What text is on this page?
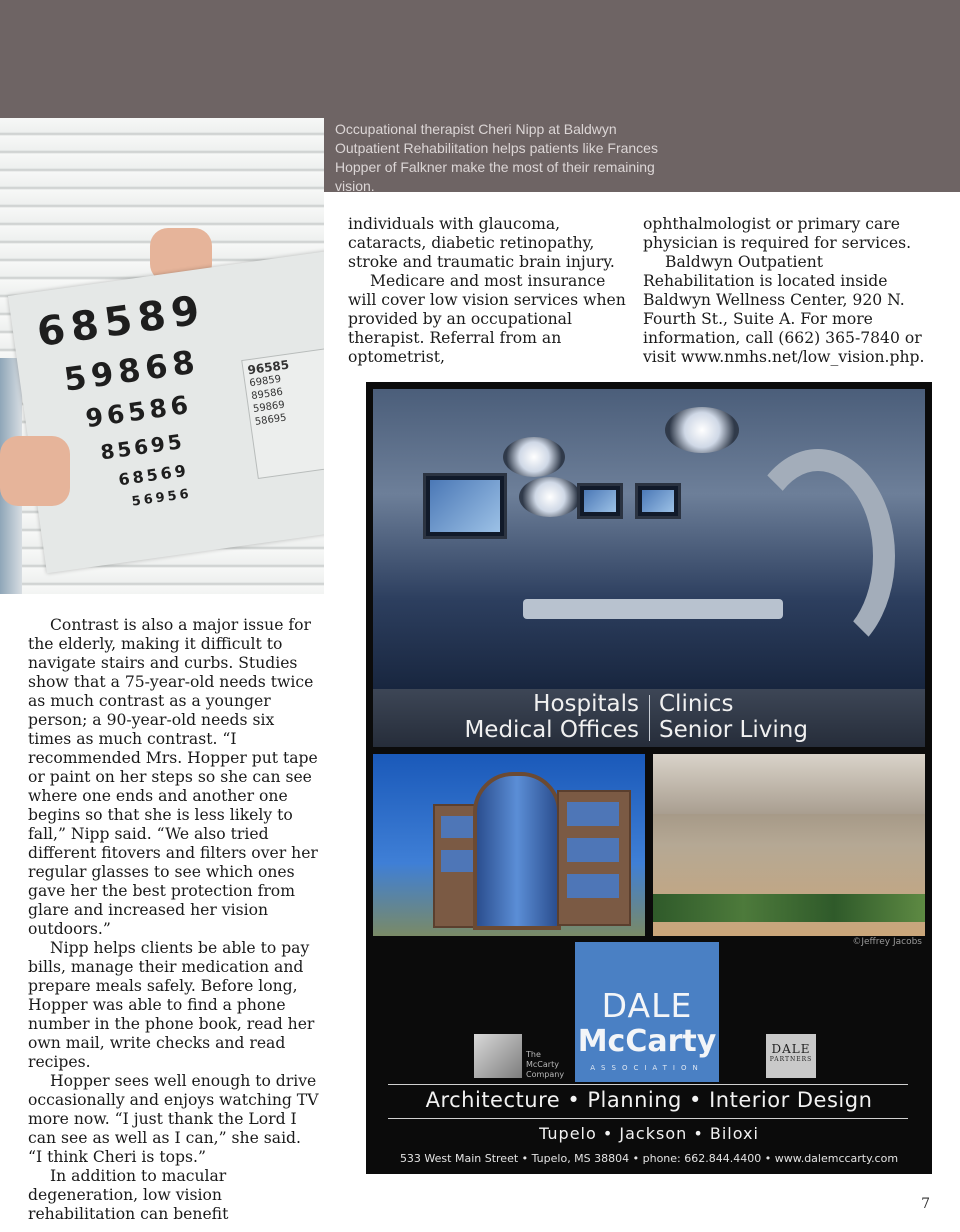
Occupational therapist Cheri Nipp at Baldwyn Outpatient Rehabilitation helps patients like Frances Hopper of Falkner make the most of their remaining vision.
68589
59868
96586
85695
68569
56956
96585
69859
89586
59869
58695

individuals with glaucoma, cataracts, diabetic retinopathy, stroke and traumatic brain injury.

Medicare and most insurance will cover low vision services when provided by an occupational therapist. Referral from an optometrist,

ophthalmologist or primary care physician is required for services.

Baldwyn Outpatient Rehabilitation is located inside Baldwyn Wellness Center, 920 N. Fourth St., Suite A. For more information, call (662) 365-7840 or visit www.nmhs.net/low_vision.php.

Contrast is also a major issue for the elderly, making it difficult to navigate stairs and curbs. Studies show that a 75-year-old needs twice as much contrast as a younger person; a 90-year-old needs six times as much contrast. “I recommended Mrs. Hopper put tape or paint on her steps so she can see where one ends and another one begins so that she is less likely to fall,” Nipp said. “We also tried different fitovers and filters over her regular glasses to see which ones gave her the best protection from glare and increased her vision outdoors.”

Nipp helps clients be able to pay bills, manage their medication and prepare meals safely. Before long, Hopper was able to find a phone number in the phone book, read her own mail, write checks and read recipes.

Hopper sees well enough to drive occasionally and enjoys watching TV more now. “I just thank the Lord I can see as well as I can,” she said. “I think Cheri is tops.”

In addition to macular degeneration, low vision rehabilitation can benefit

Hospitals
Medical Offices
Clinics
Senior Living
©Jeffrey Jacobs
DALE
McCarty
ASSOCIATION
The McCarty Company
DALE
PARTNERS
Architecture • Planning • Interior Design
Tupelo • Jackson • Biloxi
533 West Main Street • Tupelo, MS 38804 • phone: 662.844.4400 • www.dalemccarty.com
7
